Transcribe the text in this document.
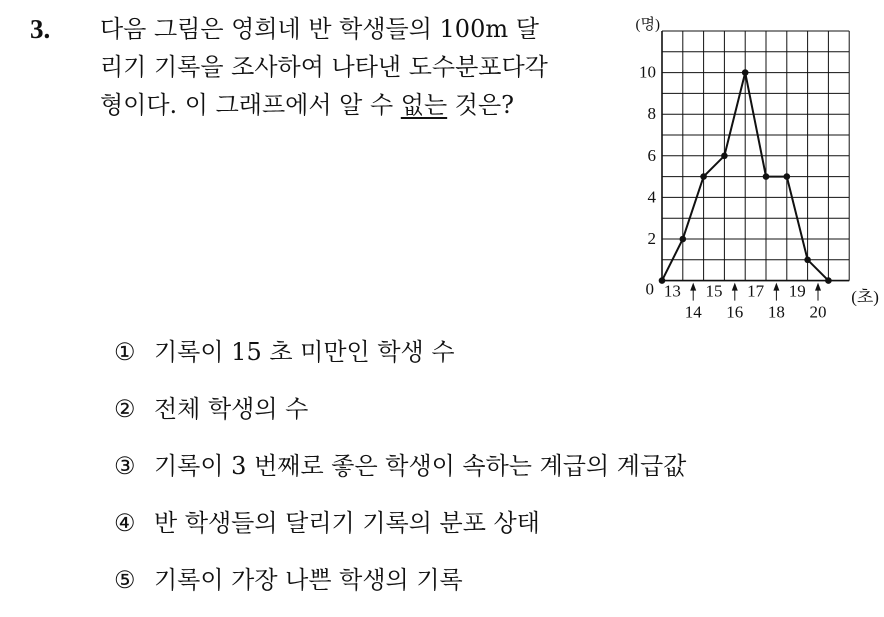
3. 다음 그림은 영희네 반 학생들의 100m 달
리기 기록을 조사하여 나타낸 도수분포다각
형이다. 이 그래프에서 알 수 없는 것은?
(명)
2
4
6
8
10
0 13 15 17 19
14 16 18 20
(초)
① 기록이 15 초 미만인 학생 수
② 전체 학생의 수
③ 기록이 3 번째로 좋은 학생이 속하는 계급의 계급값
④ 반 학생들의 달리기 기록의 분포 상태
⑤ 기록이 가장 나쁜 학생의 기록
